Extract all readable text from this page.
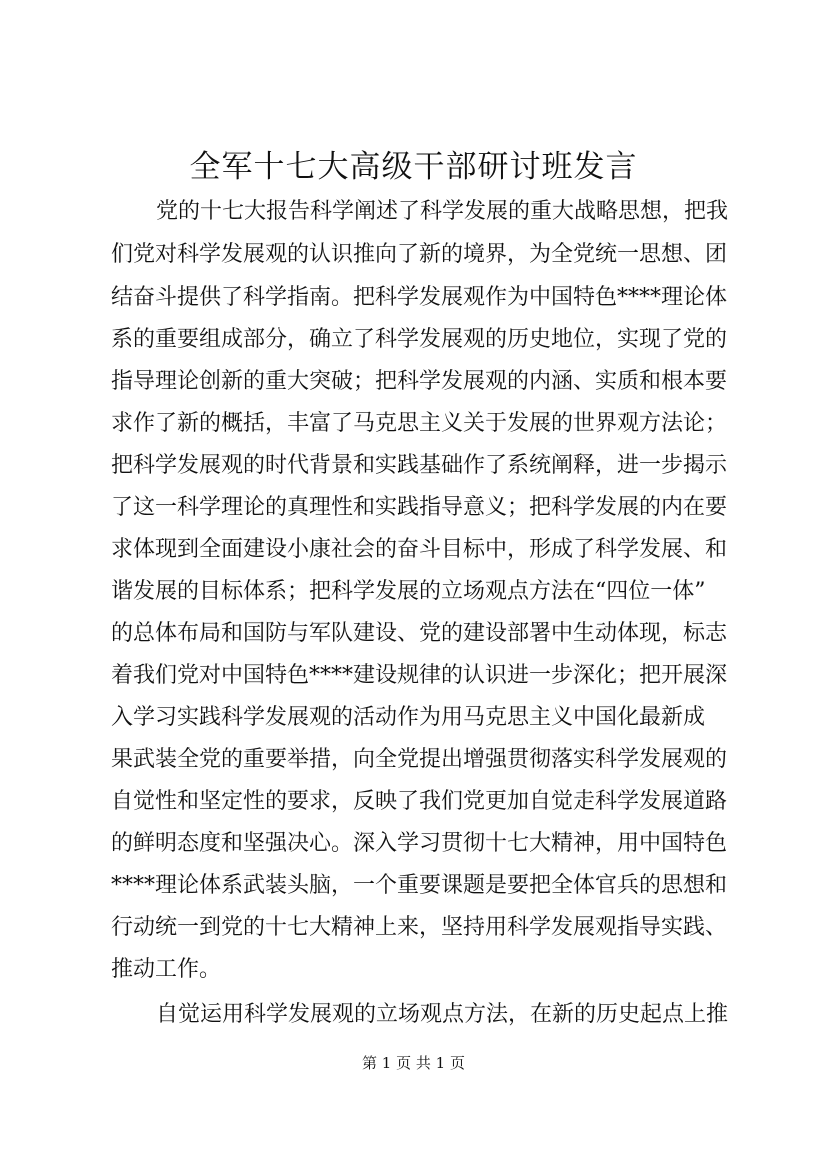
全军十七大高级干部研讨班发言
党的十七大报告科学阐述了科学发展的重大战略思想，把我
们党对科学发展观的认识推向了新的境界，为全党统一思想、团
结奋斗提供了科学指南。把科学发展观作为中国特色****理论体
系的重要组成部分，确立了科学发展观的历史地位，实现了党的
指导理论创新的重大突破；把科学发展观的内涵、实质和根本要
求作了新的概括，丰富了马克思主义关于发展的世界观方法论；
把科学发展观的时代背景和实践基础作了系统阐释，进一步揭示
了这一科学理论的真理性和实践指导意义；把科学发展的内在要
求体现到全面建设小康社会的奋斗目标中，形成了科学发展、和
谐发展的目标体系；把科学发展的立场观点方法在“四位一体”
的总体布局和国防与军队建设、党的建设部署中生动体现，标志
着我们党对中国特色****建设规律的认识进一步深化；把开展深
入学习实践科学发展观的活动作为用马克思主义中国化最新成
果武装全党的重要举措，向全党提出增强贯彻落实科学发展观的
自觉性和坚定性的要求，反映了我们党更加自觉走科学发展道路
的鲜明态度和坚强决心。深入学习贯彻十七大精神，用中国特色
****理论体系武装头脑，一个重要课题是要把全体官兵的思想和
行动统一到党的十七大精神上来，坚持用科学发展观指导实践、
推动工作。
自觉运用科学发展观的立场观点方法，在新的历史起点上推
第 1 页 共 1 页
